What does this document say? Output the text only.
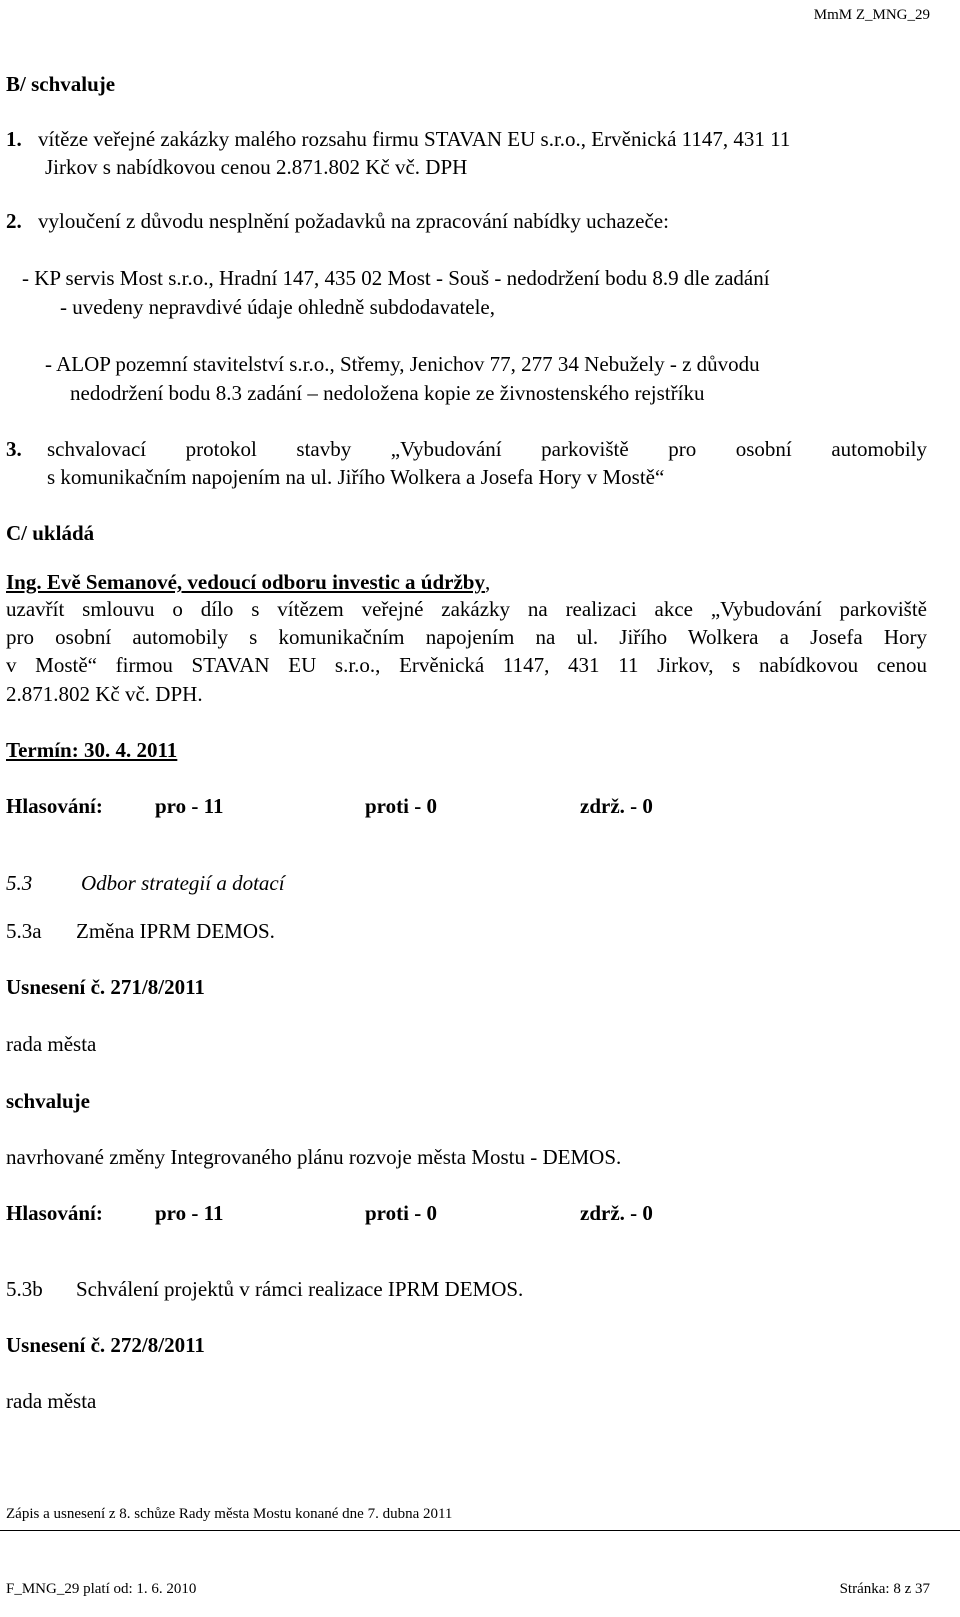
MmM Z_MNG_29
B/ schvaluje
1. vítěze veřejné zakázky malého rozsahu firmu STAVAN EU s.r.o., Ervěnická 1147, 431 11
Jirkov s nabídkovou cenou 2.871.802 Kč vč. DPH
2. vyloučení z důvodu nesplnění požadavků na zpracování nabídky uchazeče:
- KP servis Most s.r.o., Hradní 147, 435 02 Most - Souš - nedodržení bodu 8.9 dle zadání
- uvedeny nepravdivé údaje ohledně subdodavatele,
- ALOP pozemní stavitelství s.r.o., Střemy, Jenichov 77, 277 34 Nebužely - z důvodu
nedodržení bodu 8.3 zadání – nedoložena kopie ze živnostenského rejstříku
3. schvalovací protokol stavby „Vybudování parkoviště pro osobní automobily
s komunikačním napojením na ul. Jiřího Wolkera a Josefa Hory v Mostě“
C/ ukládá
Ing. Evě Semanové, vedoucí odboru investic a údržby,
uzavřít smlouvu o dílo s vítězem veřejné zakázky na realizaci akce „Vybudování parkoviště
pro osobní automobily s komunikačním napojením na ul. Jiřího Wolkera a Josefa Hory
v Mostě“ firmou STAVAN EU s.r.o., Ervěnická 1147, 431 11 Jirkov, s nabídkovou cenou
2.871.802 Kč vč. DPH.
Termín: 30. 4. 2011
Hlasování: pro - 11	proti - 0	zdrž. - 0
5.3 Odbor strategií a dotací
5.3a Změna IPRM DEMOS.
Usnesení č. 271/8/2011
rada města
schvaluje
navrhované změny Integrovaného plánu rozvoje města Mostu - DEMOS.
Hlasování: pro - 11	proti - 0	zdrž. - 0
5.3b Schválení projektů v rámci realizace IPRM DEMOS.
Usnesení č. 272/8/2011
rada města
Zápis a usnesení z 8. schůze Rady města Mostu konané dne 7. dubna 2011
F_MNG_29 platí od: 1. 6. 2010	Stránka: 8 z 37
